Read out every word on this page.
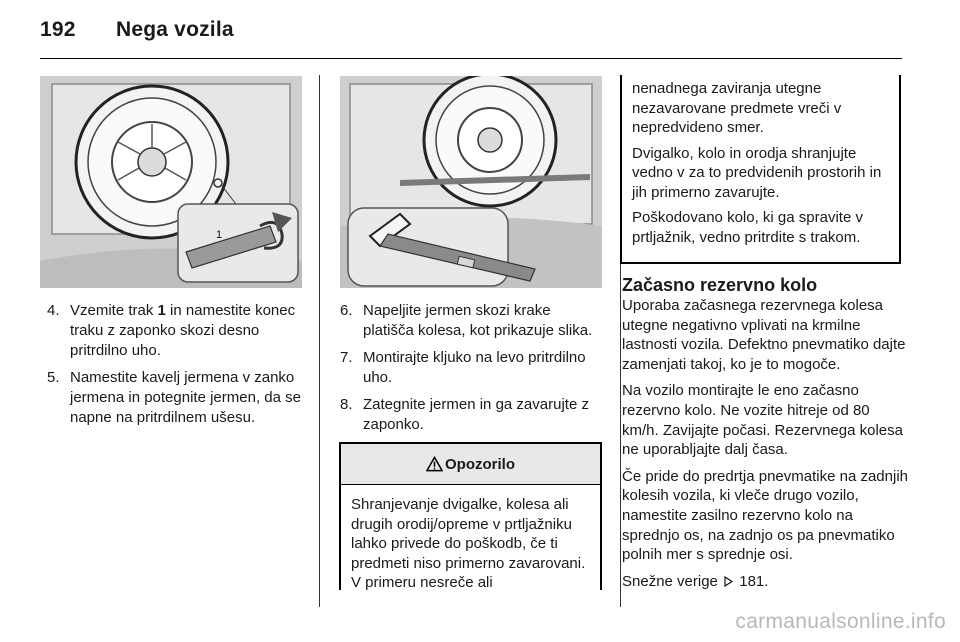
192 Nega vozila
1
4. Vzemite trak 1 in namestite konec traku z zaponko skozi desno pritrdilno uho.
5. Namestite kavelj jermena v zanko jermena in potegnite jermen, da se napne na pritrdilnem ušesu.
6. Napeljite jermen skozi krake platišča kolesa, kot prikazuje slika.
7. Montirajte kljuko na levo pritrdilno uho.
8. Zategnite jermen in ga zavarujte z zaponko.
Opozorilo

Shranjevanje dvigalke, kolesa ali drugih orodij/opreme v prtljažniku lahko privede do poškodb, če ti predmeti niso primerno zavarovani. V primeru nesreče ali

nenadnega zaviranja utegne nezavarovane predmete vreči v nepredvideno smer.

Dvigalko, kolo in orodja shranjujte vedno v za to predvidenih prostorih in jih primerno zavarujte.

Poškodovano kolo, ki ga spravite v prtljažnik, vedno pritrdite s trakom.

Začasno rezervno kolo

Uporaba začasnega rezervnega kolesa utegne negativno vplivati na krmilne lastnosti vozila. Defektno pnevmatiko dajte zamenjati takoj, ko je to mogoče.

Na vozilo montirajte le eno začasno rezervno kolo. Ne vozite hitreje od 80 km/h. Zavijajte počasi. Rezervnega kolesa ne uporabljajte dalj časa.

Če pride do predrtja pnevmatike na zadnjih kolesih vozila, ki vleče drugo vozilo, namestite zasilno rezervno kolo na sprednjo os, na zadnjo os pa pnevmatiko polnih mer s sprednje osi.

Snežne verige 181.

carmanualsonline.info
